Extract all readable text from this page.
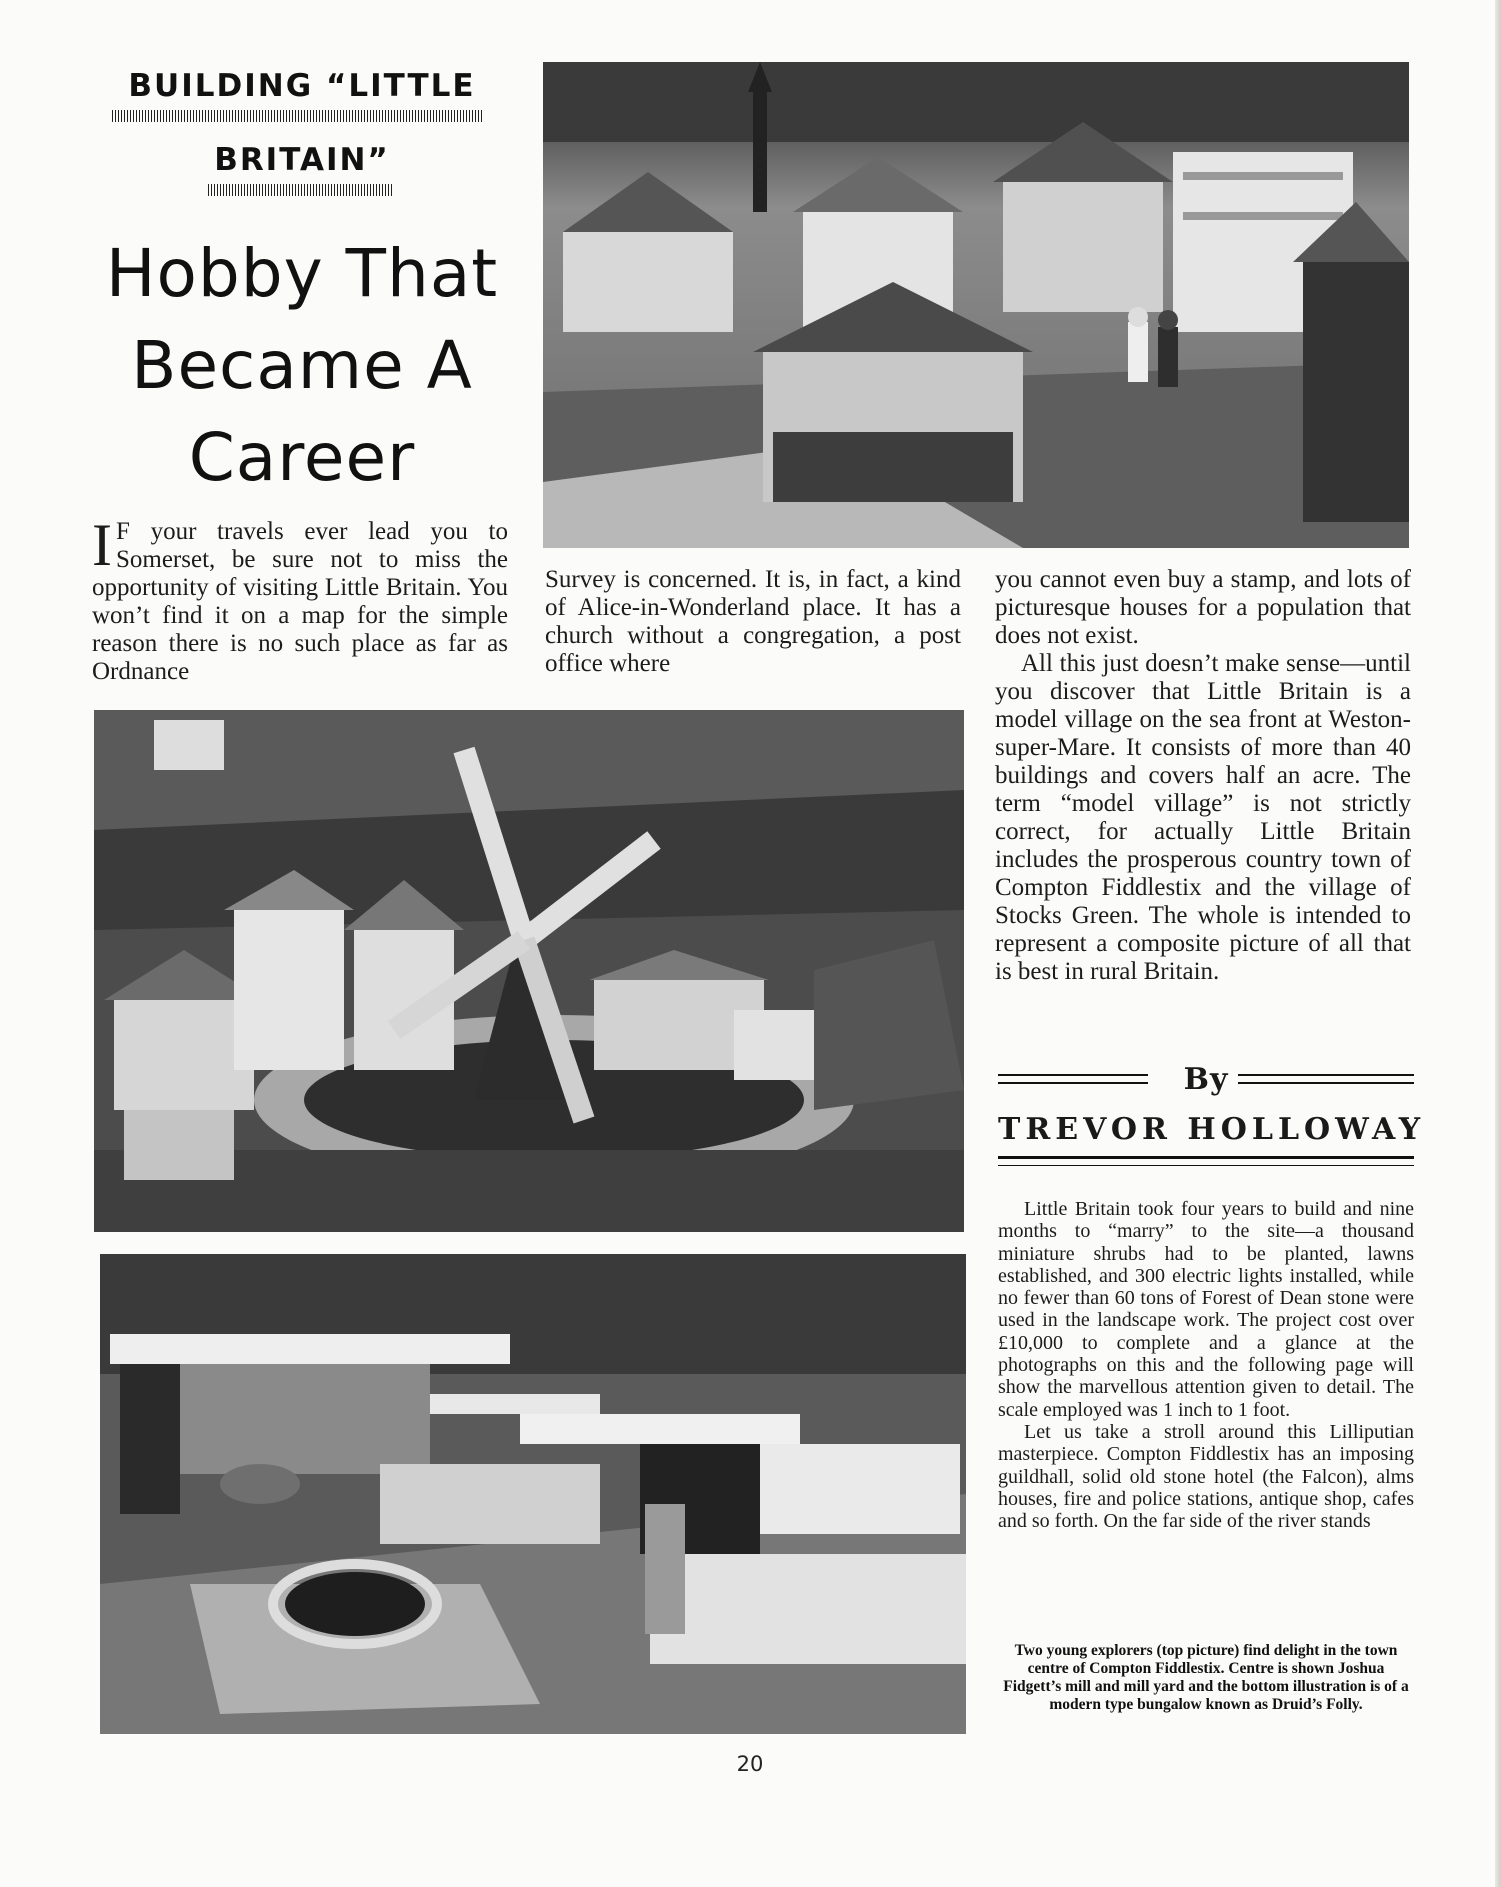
BUILDING “LITTLE
BRITAIN”
Hobby That
Became A
Career

I F your travels ever lead you to Somerset, be sure not to miss the opportunity of visiting Little Britain. You won’t find it on a map for the simple reason there is no such place as far as Ordnance

Survey is concerned. It is, in fact, a kind of Alice-in-Wonderland place. It has a church without a congregation, a post office where

you cannot even buy a stamp, and lots of picturesque houses for a population that does not exist.

All this just doesn’t make sense—until you discover that Little Britain is a model village on the sea front at Weston-super-Mare. It consists of more than 40 buildings and covers half an acre. The term “model village” is not strictly correct, for actually Little Britain includes the prosperous country town of Compton Fiddlestix and the village of Stocks Green. The whole is intended to represent a composite picture of all that is best in rural Britain.

By
TREVOR HOLLOWAY

Little Britain took four years to build and nine months to “marry” to the site—a thousand miniature shrubs had to be planted, lawns established, and 300 electric lights installed, while no fewer than 60 tons of Forest of Dean stone were used in the landscape work. The project cost over £10,000 to complete and a glance at the photographs on this and the following page will show the marvellous attention given to detail. The scale employed was 1 inch to 1 foot.

Let us take a stroll around this Lilliputian masterpiece. Compton Fiddlestix has an imposing guildhall, solid old stone hotel (the Falcon), alms houses, fire and police stations, antique shop, cafes and so forth. On the far side of the river stands

Two young explorers (top picture) find delight in the town centre of Compton Fiddlestix. Centre is shown Joshua Fidgett’s mill and mill yard and the bottom illustration is of a modern type bungalow known as Druid’s Folly.
20
